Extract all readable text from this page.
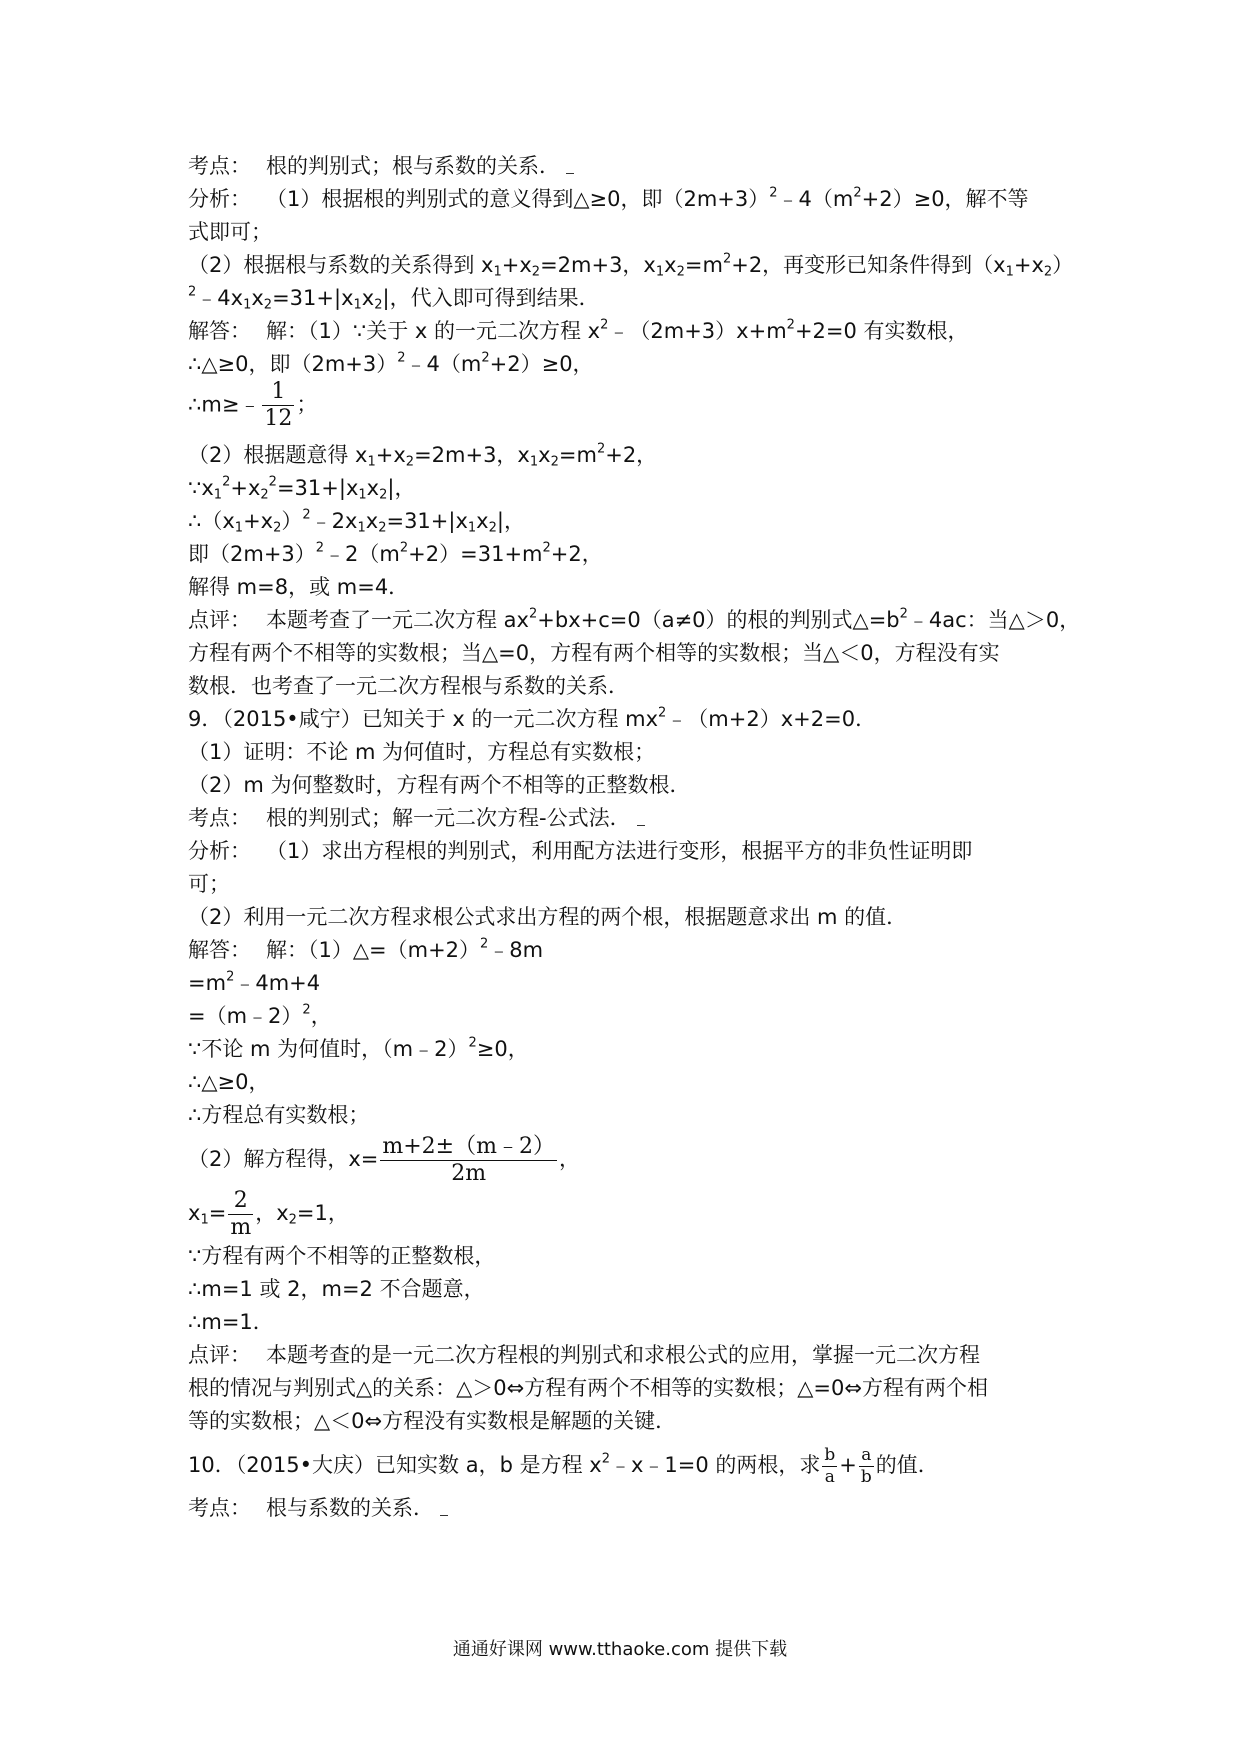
考点： 根的判别式；根与系数的关系．
分析： （1）根据根的判别式的意义得到△≥0，即$(2m+3)^2﹣4(m^2+2)\ge 0$，解不等
式即可；
（2）根据根与系数的关系得到 $x_1+x_2=2m+3$，$x_1x_2=m^2+2$，再变形已知条件得到$(x_1+x_2)$
$^2﹣4x_1x_2=31+|x_1x_2|$，代入即可得到结果．
解答： 解：（1）∵关于 x 的一元二次方程 $x^2﹣(2m+3)x+m^2+2=0$ 有实数根，
∴△≥0，即$(2m+3)^2﹣4(m^2+2)\ge 0$，
∴m≥﹣ $\frac{1}{12}$ ；
（2）根据题意得 $x_1+x_2=2m+3$，$x_1x_2=m^2+2$，
$\because x_1^2+x_2^2=31+|x_1x_2|$，
$\therefore(x_1+x_2)^2﹣2x_1x_2=31+|x_1x_2|$，
即$(2m+3)^2﹣2(m^2+2)=31+m^2+2$，
解得 m=8，或 m=4．
点评： 本题考查了一元二次方程 $ax^2+bx+c=0(a\ne 0)$的根的判别式$\triangle=b^2﹣4ac$：当△＞0，
方程有两个不相等的实数根；当△=0，方程有两个相等的实数根；当△＜0，方程没有实
数根．也考查了一元二次方程根与系数的关系．
9．（2015•咸宁）已知关于 x 的一元二次方程 $mx^2﹣(m+2)x+2=0$．
（1）证明：不论 m 为何值时，方程总有实数根；
（2）m 为何整数时，方程有两个不相等的正整数根．
考点： 根的判别式；解一元二次方程-公式法．
分析： （1）求出方程根的判别式，利用配方法进行变形，根据平方的非负性证明即
可；
（2）利用一元二次方程求根公式求出方程的两个根，根据题意求出 m 的值．
解答： 解：$(1)\triangle=(m+2)^2﹣8m$
$=m^2﹣4m+4$
=（m﹣2）$^2$，
∵不论 m 为何值时，（m﹣2）$^2$≥0，
∴△≥0，
∴方程总有实数根；
（2）解方程得，$x= \frac{m+2\pm(m﹣2)}{2m}$ ，
$x_1= \frac{2}{m}$ ，$x_2=1$，
∵方程有两个不相等的正整数根，
∴m=1 或 2，m=2 不合题意，
∴m=1．
点评： 本题考查的是一元二次方程根的判别式和求根公式的应用，掌握一元二次方程
根的情况与判别式△的关系：△＞0⇔方程有两个不相等的实数根；△=0⇔方程有两个相
等的实数根；△＜0⇔方程没有实数根是解题的关键．
10．（2015•大庆）已知实数 a，b 是方程 $x^2﹣x﹣1=0$ 的两根，求 $\frac{b}{a} + \frac{a}{b}$ 的值．
考点： 根与系数的关系．
通通好课网 www.tthaoke.com 提供下载
